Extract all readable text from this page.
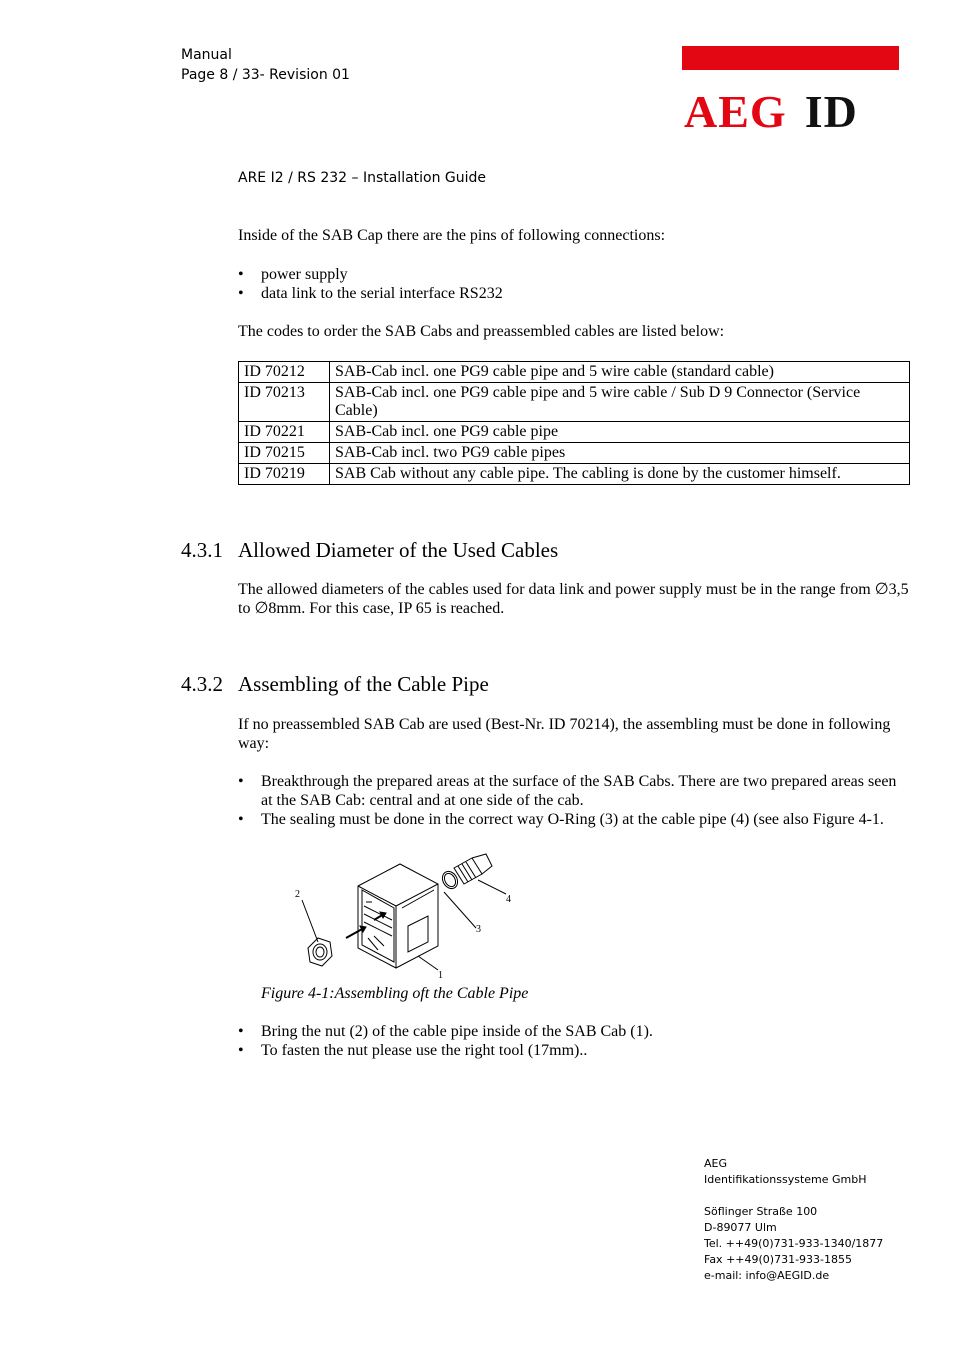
Manual
Page 8 / 33- Revision 01
AEG ID
ARE I2 / RS 232 – Installation Guide
Inside of the SAB Cap there are the pins of following connections:
• power supply
• data link to the serial interface RS232
The codes to order the SAB Cabs and preassembled cables are listed below:
ID 70212	SAB-Cab incl. one PG9 cable pipe and 5 wire cable (standard cable)
ID 70213	SAB-Cab incl. one PG9 cable pipe and 5 wire cable / Sub D 9 Connector (Service Cable)
ID 70221	SAB-Cab incl. one PG9 cable pipe
ID 70215	SAB-Cab incl. two PG9 cable pipes
ID 70219	SAB Cab without any cable pipe. The cabling is done by the customer himself.
4.3.1 Allowed Diameter of the Used Cables
The allowed diameters of the cables used for data link and power supply must be in the range from ∅3,5 to ∅8mm. For this case, IP 65 is reached.
4.3.2 Assembling of the Cable Pipe
If no preassembled SAB Cab are used (Best-Nr. ID 70214), the assembling must be done in following way:
• Breakthrough the prepared areas at the surface of the SAB Cabs. There are two prepared areas seen at the SAB Cab: central and at one side of the cab.
• The sealing must be done in the correct way O-Ring (3) at the cable pipe (4) (see also Figure 4-1.
2
3
4
1
Figure 4-1:Assembling oft the Cable Pipe
• Bring the nut (2) of the cable pipe inside of the SAB Cab (1).
• To fasten the nut please use the right tool (17mm)..
AEG
Identifikationssysteme GmbH
Söflinger Straße 100
D-89077 Ulm
Tel. ++49(0)731-933-1340/1877
Fax ++49(0)731-933-1855
e-mail: info@AEGID.de
